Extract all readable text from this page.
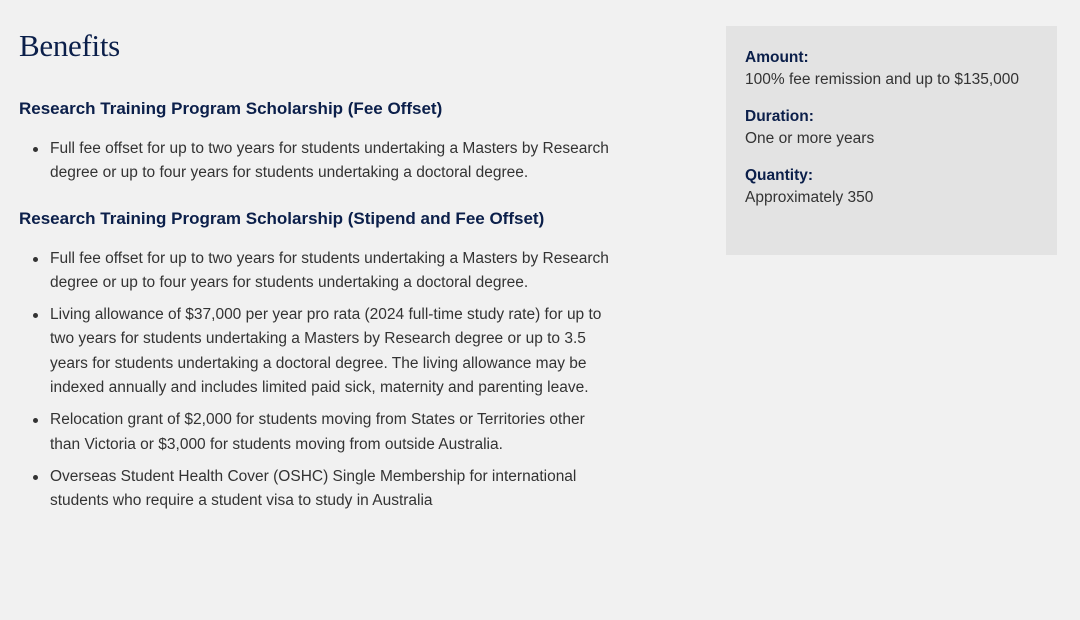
Benefits
Research Training Program Scholarship (Fee Offset)
Full fee offset for up to two years for students undertaking a Masters by Research degree or up to four years for students undertaking a doctoral degree.
Research Training Program Scholarship (Stipend and Fee Offset)
Full fee offset for up to two years for students undertaking a Masters by Research degree or up to four years for students undertaking a doctoral degree.
Living allowance of $37,000 per year pro rata (2024 full-time study rate) for up to two years for students undertaking a Masters by Research degree or up to 3.5 years for students undertaking a doctoral degree. The living allowance may be indexed annually and includes limited paid sick, maternity and parenting leave.
Relocation grant of $2,000 for students moving from States or Territories other than Victoria or $3,000 for students moving from outside Australia.
Overseas Student Health Cover (OSHC) Single Membership for international students who require a student visa to study in Australia
Amount:
100% fee remission and up to $135,000
Duration:
One or more years
Quantity:
Approximately 350
